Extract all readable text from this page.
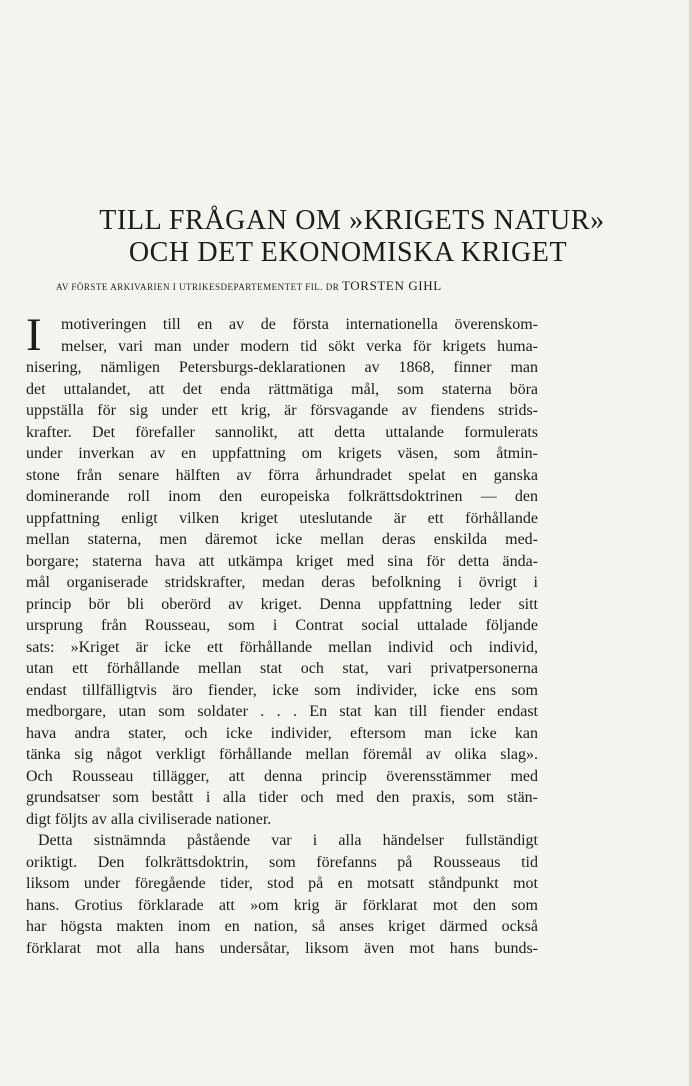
TILL FRÅGAN OM »KRIGETS NATUR»
OCH DET EKONOMISKA KRIGET
AV FÖRSTE ARKIVARIEN I UTRIKESDEPARTEMENTET FIL. DR TORSTEN GIHL
I	motiveringen till en av de första internationella överenskom-
melser, vari man under modern tid sökt verka för krigets huma-
nisering, nämligen Petersburgs-deklarationen av 1868, finner man
det uttalandet, att det enda rättmätiga mål, som staterna böra
uppställa för sig under ett krig, är försvagande av fiendens strids-
krafter. Det förefaller sannolikt, att detta uttalande formulerats
under inverkan av en uppfattning om krigets väsen, som åtmin-
stone från senare hälften av förra århundradet spelat en ganska
dominerande roll inom den europeiska folkrättsdoktrinen — den
uppfattning enligt vilken kriget uteslutande är ett förhållande
mellan staterna, men däremot icke mellan deras enskilda med-
borgare; staterna hava att utkämpa kriget med sina för detta ända-
mål organiserade stridskrafter, medan deras befolkning i övrigt i
princip bör bli oberörd av kriget. Denna uppfattning leder sitt
ursprung från Rousseau, som i Contrat social uttalade följande
sats: »Kriget är icke ett förhållande mellan individ och individ,
utan ett förhållande mellan stat och stat, vari privatpersonerna
endast tillfälligtvis äro fiender, icke som individer, icke ens som
medborgare, utan som soldater . . . En stat kan till fiender endast
hava andra stater, och icke individer, eftersom man icke kan
tänka sig något verkligt förhållande mellan föremål av olika slag».
Och Rousseau tillägger, att denna princip överensstämmer med
grundsatser som bestått i alla tider och med den praxis, som stän-
digt följts av alla civiliserade nationer.
Detta sistnämnda påstående var i alla händelser fullständigt
oriktigt. Den folkrättsdoktrin, som förefanns på Rousseaus tid
liksom under föregående tider, stod på en motsatt ståndpunkt mot
hans. Grotius förklarade att »om krig är förklarat mot den som
har högsta makten inom en nation, så anses kriget därmed också
förklarat mot alla hans undersåtar, liksom även mot hans bunds-
